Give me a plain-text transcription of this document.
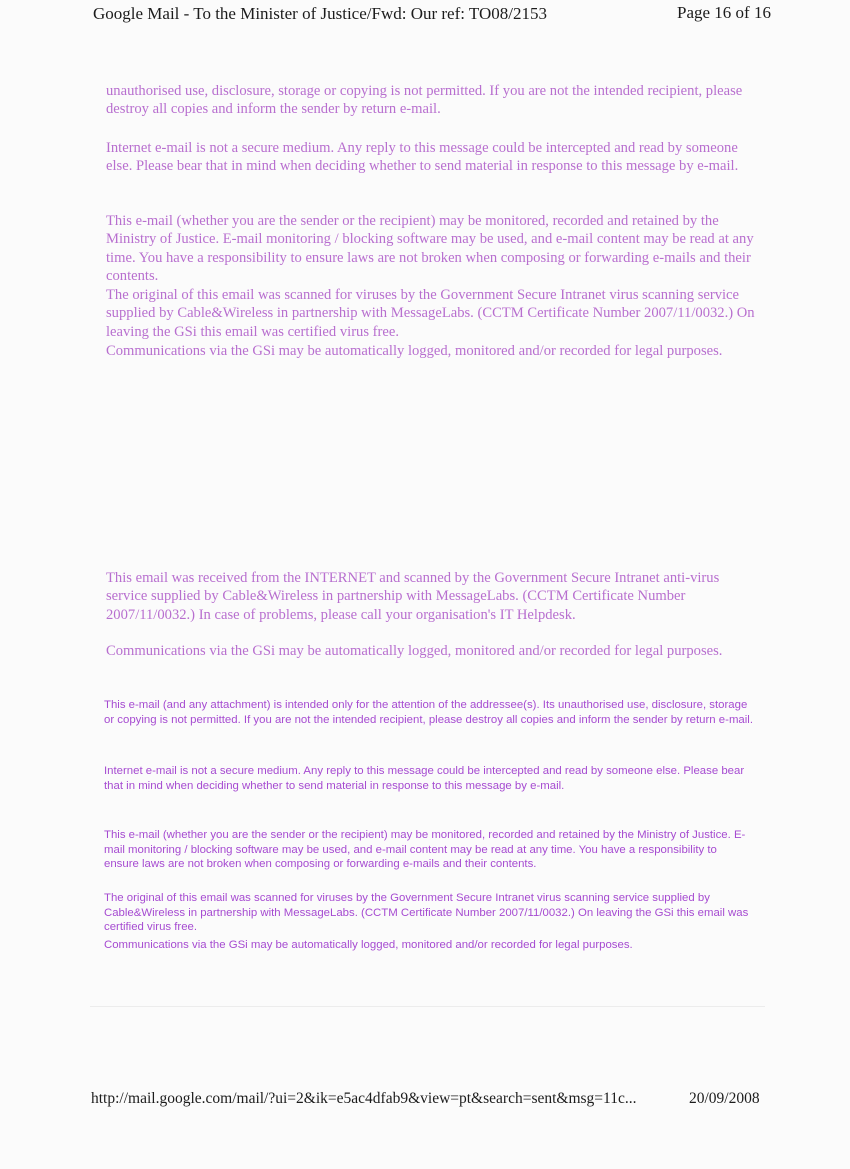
Google Mail - To the Minister of Justice/Fwd: Our ref: TO08/2153	Page 16 of 16

unauthorised use, disclosure, storage or copying is not permitted. If you are not the intended recipient, please destroy all copies and inform the sender by return e-mail.

Internet e-mail is not a secure medium. Any reply to this message could be intercepted and read by someone else. Please bear that in mind when deciding whether to send material in response to this message by e-mail.

This e-mail (whether you are the sender or the recipient) may be monitored, recorded and retained by the Ministry of Justice. E-mail monitoring / blocking software may be used, and e-mail content may be read at any time. You have a responsibility to ensure laws are not broken when composing or forwarding e-mails and their contents.

The original of this email was scanned for viruses by the Government Secure Intranet virus scanning service supplied by Cable&Wireless in partnership with MessageLabs. (CCTM Certificate Number 2007/11/0032.) On leaving the GSi this email was certified virus free.

Communications via the GSi may be automatically logged, monitored and/or recorded for legal purposes.

This email was received from the INTERNET and scanned by the Government Secure Intranet anti-virus service supplied by Cable&Wireless in partnership with MessageLabs. (CCTM Certificate Number 2007/11/0032.) In case of problems, please call your organisation's IT Helpdesk.

Communications via the GSi may be automatically logged, monitored and/or recorded for legal purposes.

This e-mail (and any attachment) is intended only for the attention of the addressee(s). Its unauthorised use, disclosure, storage or copying is not permitted. If you are not the intended recipient, please destroy all copies and inform the sender by return e-mail.

Internet e-mail is not a secure medium. Any reply to this message could be intercepted and read by someone else. Please bear that in mind when deciding whether to send material in response to this message by e-mail.

This e-mail (whether you are the sender or the recipient) may be monitored, recorded and retained by the Ministry of Justice. E-mail monitoring / blocking software may be used, and e-mail content may be read at any time. You have a responsibility to ensure laws are not broken when composing or forwarding e-mails and their contents.

The original of this email was scanned for viruses by the Government Secure Intranet virus scanning service supplied by Cable&Wireless in partnership with MessageLabs. (CCTM Certificate Number 2007/11/0032.) On leaving the GSi this email was certified virus free.

Communications via the GSi may be automatically logged, monitored and/or recorded for legal purposes.

http://mail.google.com/mail/?ui=2&ik=e5ac4dfab9&view=pt&search=sent&msg=11c...	20/09/2008
